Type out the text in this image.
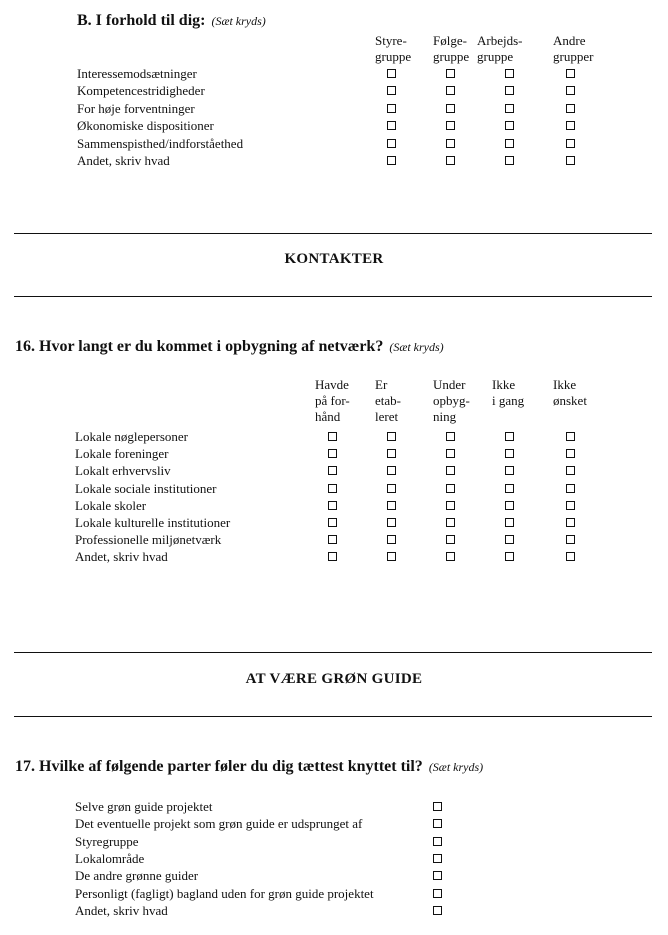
B. I forhold til dig: (Sæt kryds)
Styre-
gruppe
Følge-
gruppe
Arbejds-
gruppe
Andre
grupper
Interessemodsætninger
Kompetencestridigheder
For høje forventninger
Økonomiske dispositioner
Sammenspisthed/indforståethed
Andet, skriv hvad
KONTAKTER
16. Hvor langt er du kommet i opbygning af netværk? (Sæt kryds)
Havde
på for-
hånd
Er
etab-
leret
Under
opbyg-
ning
Ikke
i gang
Ikke
ønsket
Lokale nøglepersoner
Lokale foreninger
Lokalt erhvervsliv
Lokale sociale institutioner
Lokale skoler
Lokale kulturelle institutioner
Professionelle miljønetværk
Andet, skriv hvad
AT VÆRE GRØN GUIDE
17. Hvilke af følgende parter føler du dig tættest knyttet til? (Sæt kryds)
Selve grøn guide projektet
Det eventuelle projekt som grøn guide er udsprunget af
Styregruppe
Lokalområde
De andre grønne guider
Personligt (fagligt) bagland uden for grøn guide projektet
Andet, skriv hvad
